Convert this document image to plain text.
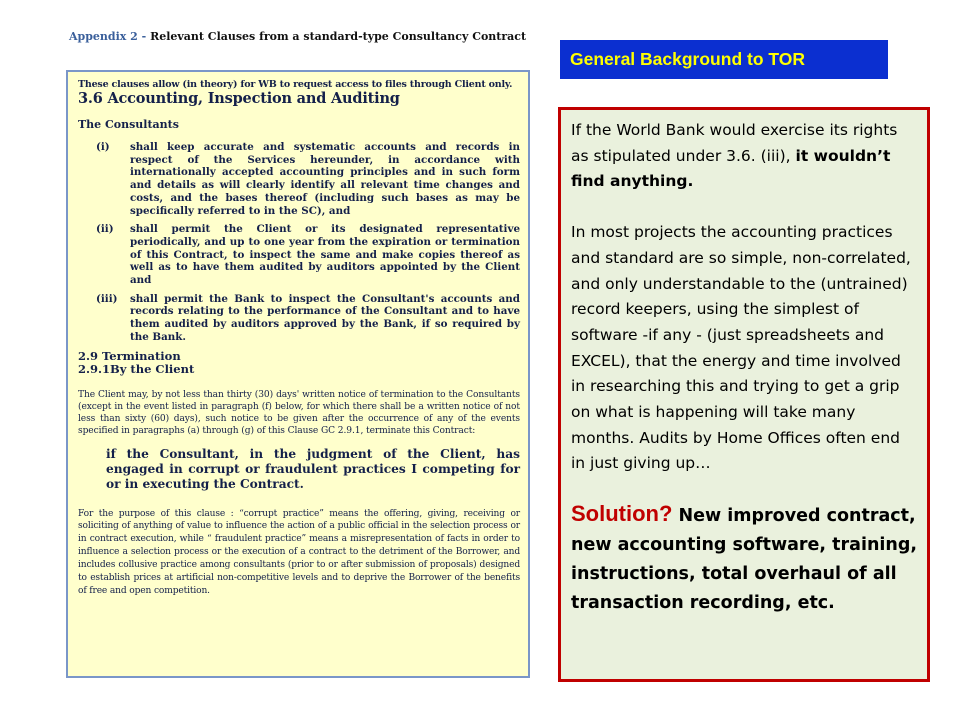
Appendix 2 - Relevant Clauses from a standard-type Consultancy Contract
These clauses allow (in theory) for WB to request access to files through Client only.
3.6 Accounting, Inspection and Auditing
The Consultants
(i)	shall keep accurate and systematic accounts and records in respect of the Services hereunder, in accordance with internationally accepted accounting principles and in such form and details as will clearly identify all relevant time changes and costs, and the bases thereof (including such bases as may be specifically referred to in the SC), and
(ii)	shall permit the Client or its designated representative periodically, and up to one year from the expiration or termination of this Contract, to inspect the same and make copies thereof as well as to have them audited by auditors appointed by the Client and
(iii)	shall permit the Bank to inspect the Consultant's accounts and records relating to the performance of the Consultant and to have them audited by auditors approved by the Bank, if so required by the Bank.
2.9 Termination
2.9.1By the Client
The Client may, by not less than thirty (30) days' written notice of termination to the Consultants (except in the event listed in paragraph (f) below, for which there shall be a written notice of not less than sixty (60) days), such notice to be given after the occurrence of any of the events specified in paragraphs (a) through (g) of this Clause GC 2.9.1, terminate this Contract:
if the Consultant, in the judgment of the Client, has engaged in corrupt or fraudulent practices I competing for or in executing the Contract.
For the purpose of this clause : “corrupt practice” means the offering, giving, receiving or soliciting of anything of value to influence the action of a public official in the selection process or in contract execution, while “ fraudulent practice” means a misrepresentation of facts in order to influence a selection process or the execution of a contract to the detriment of the Borrower, and includes collusive practice among consultants (prior to or after submission of proposals) designed to establish prices at artificial non-competitive levels and to deprive the Borrower of the benefits of free and open competition.
General Background to TOR

If the World Bank would exercise its rights as stipulated under 3.6. (iii), it wouldn’t find anything.

In most projects the accounting practices and standard are so simple, non-correlated, and only understandable to the (untrained) record keepers, using the simplest of software -if any - (just spreadsheets and EXCEL), that the energy and time involved in researching this and trying to get a grip on what is happening will take many months. Audits by Home Offices often end in just giving up…

Solution? New improved contract, new accounting software, training, instructions, total overhaul of all transaction recording, etc.
